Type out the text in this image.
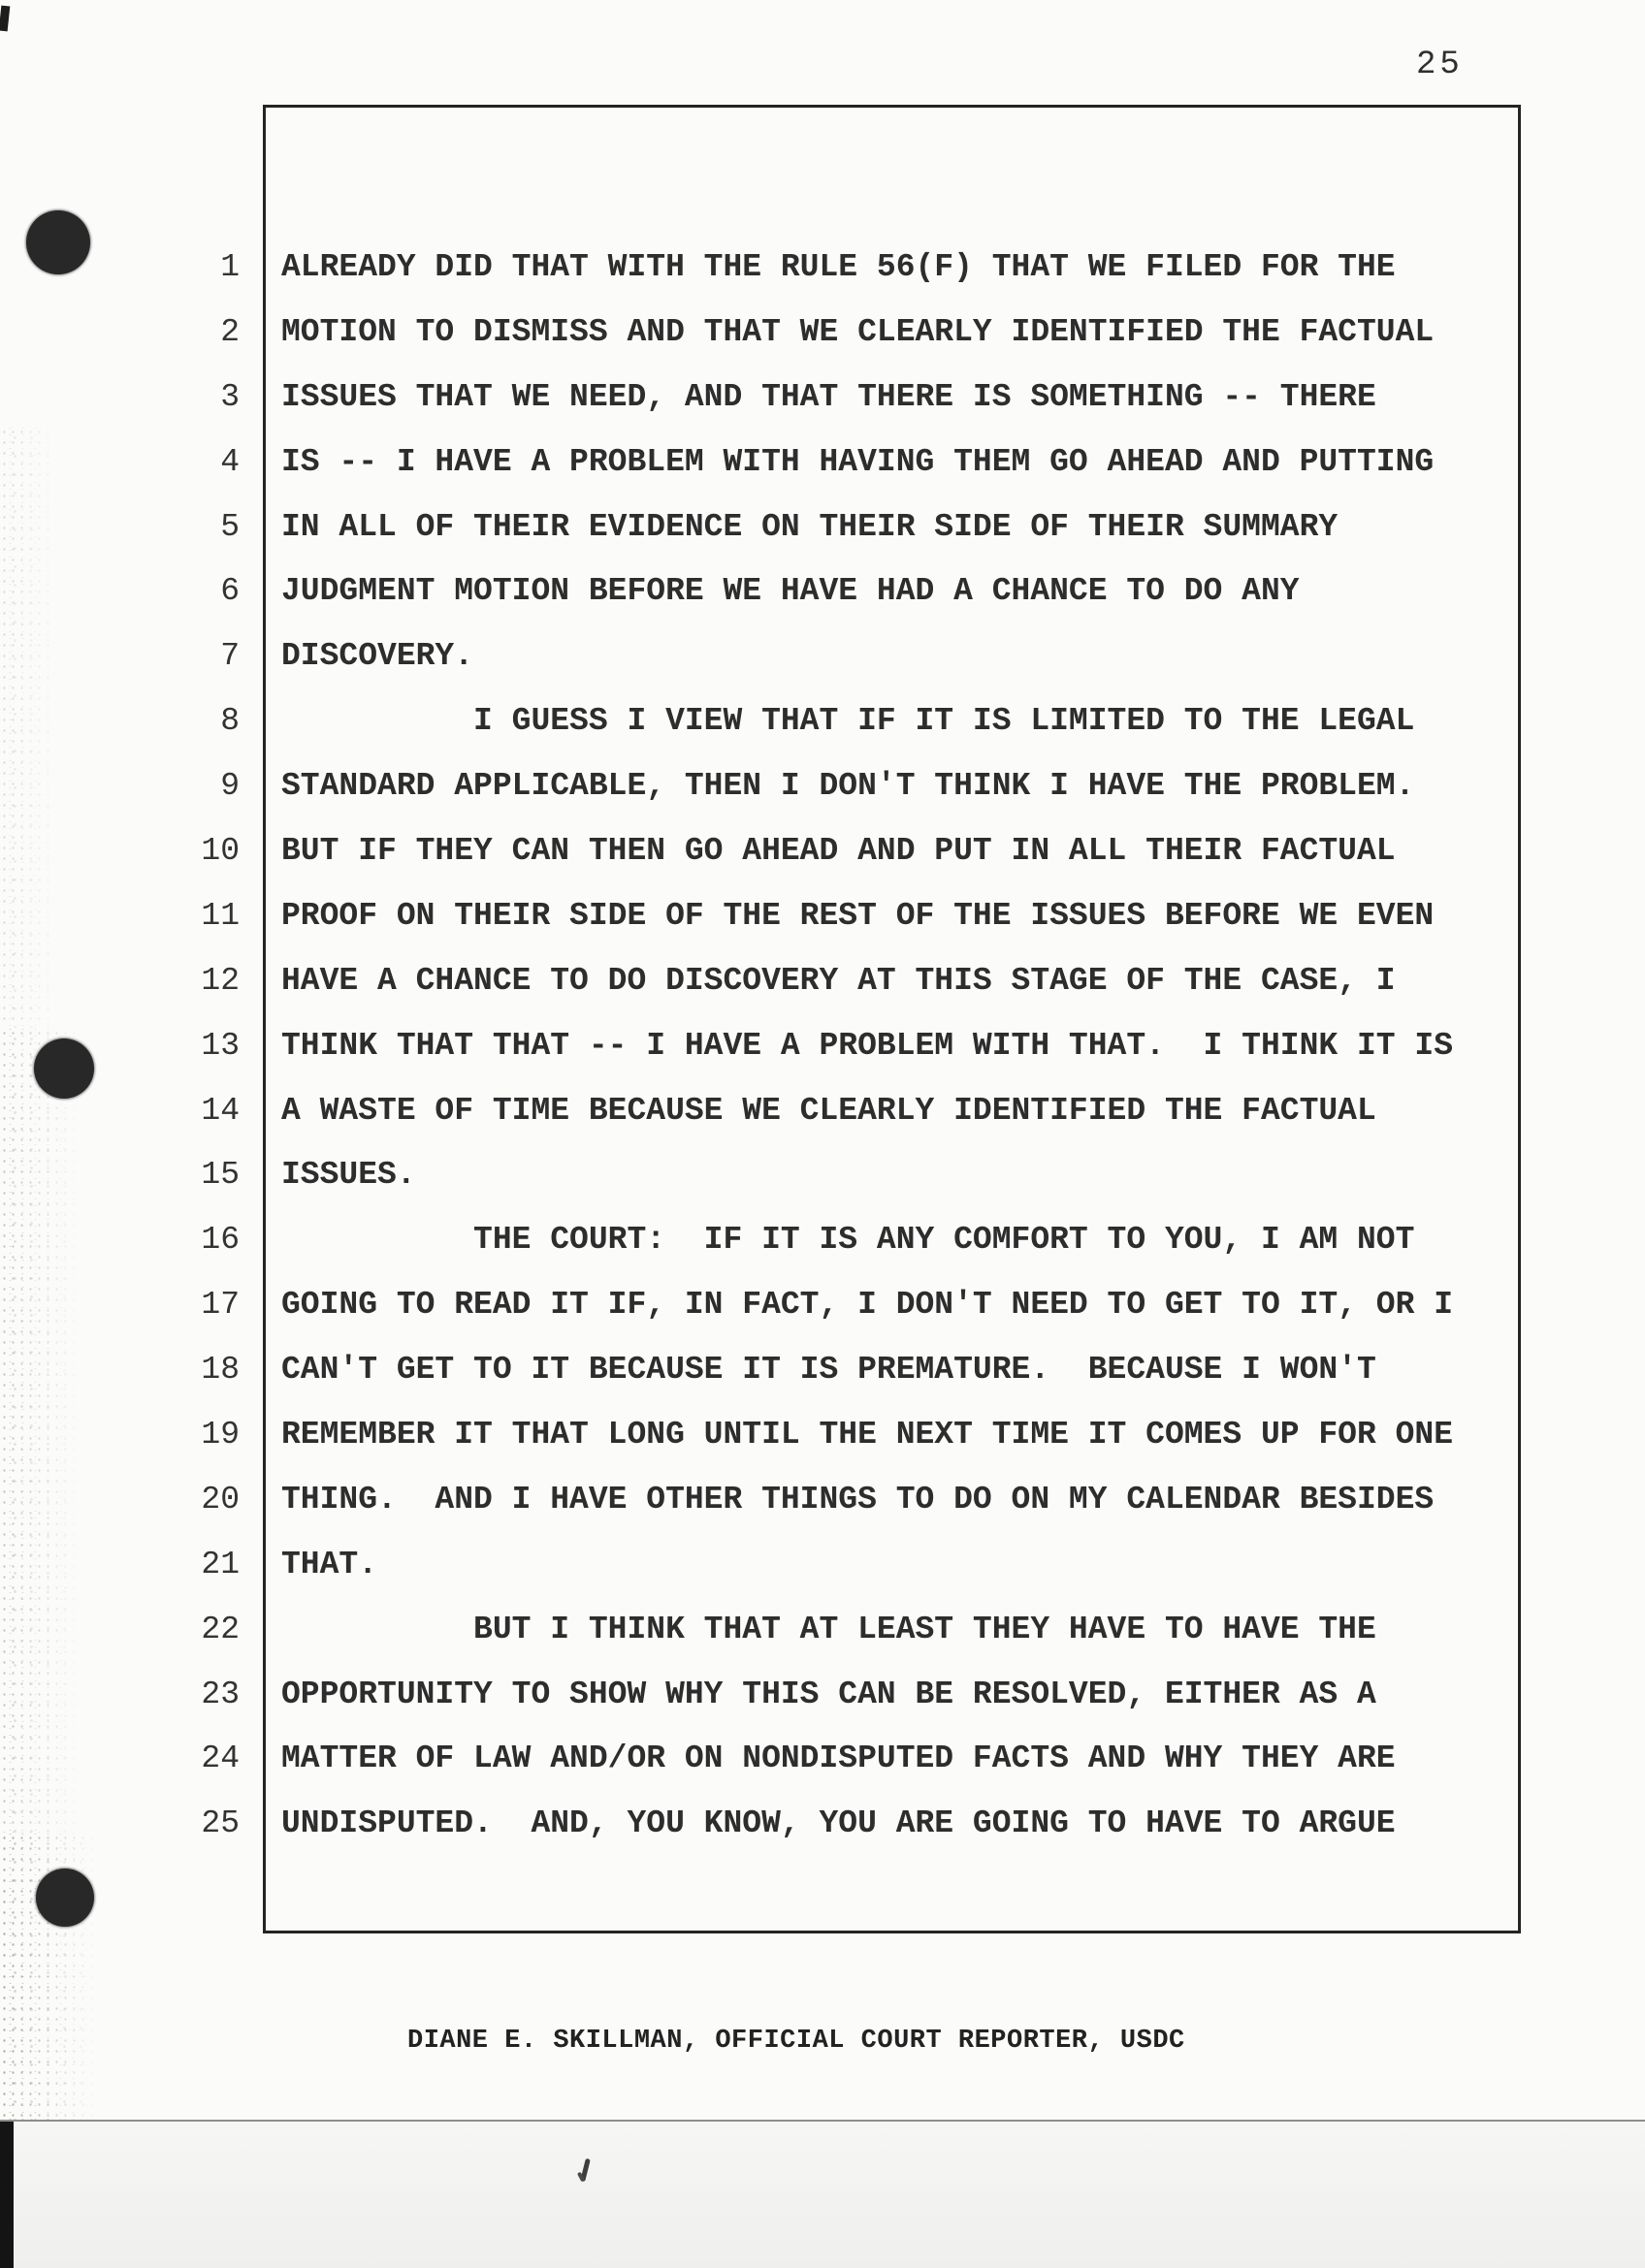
25
1 ALREADY DID THAT WITH THE RULE 56(F) THAT WE FILED FOR THE
2 MOTION TO DISMISS AND THAT WE CLEARLY IDENTIFIED THE FACTUAL
3 ISSUES THAT WE NEED, AND THAT THERE IS SOMETHING -- THERE
4 IS -- I HAVE A PROBLEM WITH HAVING THEM GO AHEAD AND PUTTING
5 IN ALL OF THEIR EVIDENCE ON THEIR SIDE OF THEIR SUMMARY
6 JUDGMENT MOTION BEFORE WE HAVE HAD A CHANCE TO DO ANY
7 DISCOVERY.
8          I GUESS I VIEW THAT IF IT IS LIMITED TO THE LEGAL
9 STANDARD APPLICABLE, THEN I DON'T THINK I HAVE THE PROBLEM.
10 BUT IF THEY CAN THEN GO AHEAD AND PUT IN ALL THEIR FACTUAL
11 PROOF ON THEIR SIDE OF THE REST OF THE ISSUES BEFORE WE EVEN
12 HAVE A CHANCE TO DO DISCOVERY AT THIS STAGE OF THE CASE, I
13 THINK THAT THAT -- I HAVE A PROBLEM WITH THAT.  I THINK IT IS
14 A WASTE OF TIME BECAUSE WE CLEARLY IDENTIFIED THE FACTUAL
15 ISSUES.
16          THE COURT:  IF IT IS ANY COMFORT TO YOU, I AM NOT
17 GOING TO READ IT IF, IN FACT, I DON'T NEED TO GET TO IT, OR I
18 CAN'T GET TO IT BECAUSE IT IS PREMATURE.  BECAUSE I WON'T
19 REMEMBER IT THAT LONG UNTIL THE NEXT TIME IT COMES UP FOR ONE
20 THING.  AND I HAVE OTHER THINGS TO DO ON MY CALENDAR BESIDES
21 THAT.
22          BUT I THINK THAT AT LEAST THEY HAVE TO HAVE THE
23 OPPORTUNITY TO SHOW WHY THIS CAN BE RESOLVED, EITHER AS A
24 MATTER OF LAW AND/OR ON NONDISPUTED FACTS AND WHY THEY ARE
25 UNDISPUTED.  AND, YOU KNOW, YOU ARE GOING TO HAVE TO ARGUE
DIANE E. SKILLMAN, OFFICIAL COURT REPORTER, USDC
